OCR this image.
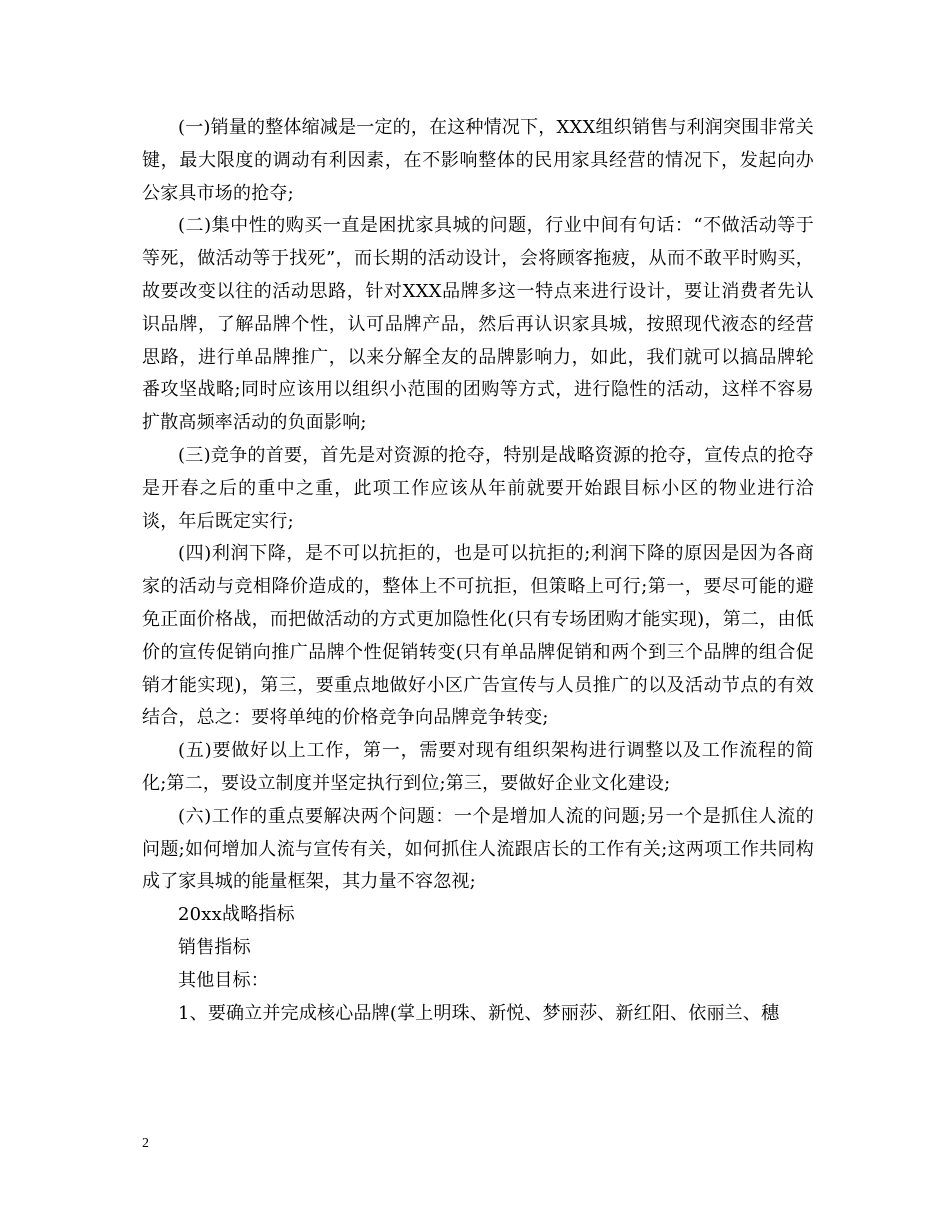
(一)销量的整体缩减是一定的，在这种情况下，XXX组织销售与利润突围非常关键，最大限度的调动有利因素，在不影响整体的民用家具经营的情况下，发起向办公家具市场的抢夺;

(二)集中性的购买一直是困扰家具城的问题，行业中间有句话：“不做活动等于等死，做活动等于找死”，而长期的活动设计，会将顾客拖疲，从而不敢平时购买，故要改变以往的活动思路，针对XXX品牌多这一特点来进行设计，要让消费者先认识品牌，了解品牌个性，认可品牌产品，然后再认识家具城，按照现代液态的经营思路，进行单品牌推广，以来分解全友的品牌影响力，如此，我们就可以搞品牌轮番攻坚战略;同时应该用以组织小范围的团购等方式，进行隐性的活动，这样不容易扩散高频率活动的负面影响;

(三)竞争的首要，首先是对资源的抢夺，特别是战略资源的抢夺，宣传点的抢夺是开春之后的重中之重，此项工作应该从年前就要开始跟目标小区的物业进行洽谈，年后既定实行;

(四)利润下降，是不可以抗拒的，也是可以抗拒的;利润下降的原因是因为各商家的活动与竞相降价造成的，整体上不可抗拒，但策略上可行;第一，要尽可能的避免正面价格战，而把做活动的方式更加隐性化(只有专场团购才能实现)，第二，由低价的宣传促销向推广品牌个性促销转变(只有单品牌促销和两个到三个品牌的组合促销才能实现)，第三，要重点地做好小区广告宣传与人员推广的以及活动节点的有效结合，总之：要将单纯的价格竞争向品牌竞争转变;

(五)要做好以上工作，第一，需要对现有组织架构进行调整以及工作流程的简化;第二，要设立制度并坚定执行到位;第三，要做好企业文化建设;

(六)工作的重点要解决两个问题：一个是增加人流的问题;另一个是抓住人流的问题;如何增加人流与宣传有关，如何抓住人流跟店长的工作有关;这两项工作共同构成了家具城的能量框架，其力量不容忽视;

20xx战略指标

销售指标

其他目标：

1、要确立并完成核心品牌(掌上明珠、新悦、梦丽莎、新红阳、依丽兰、穗

2
